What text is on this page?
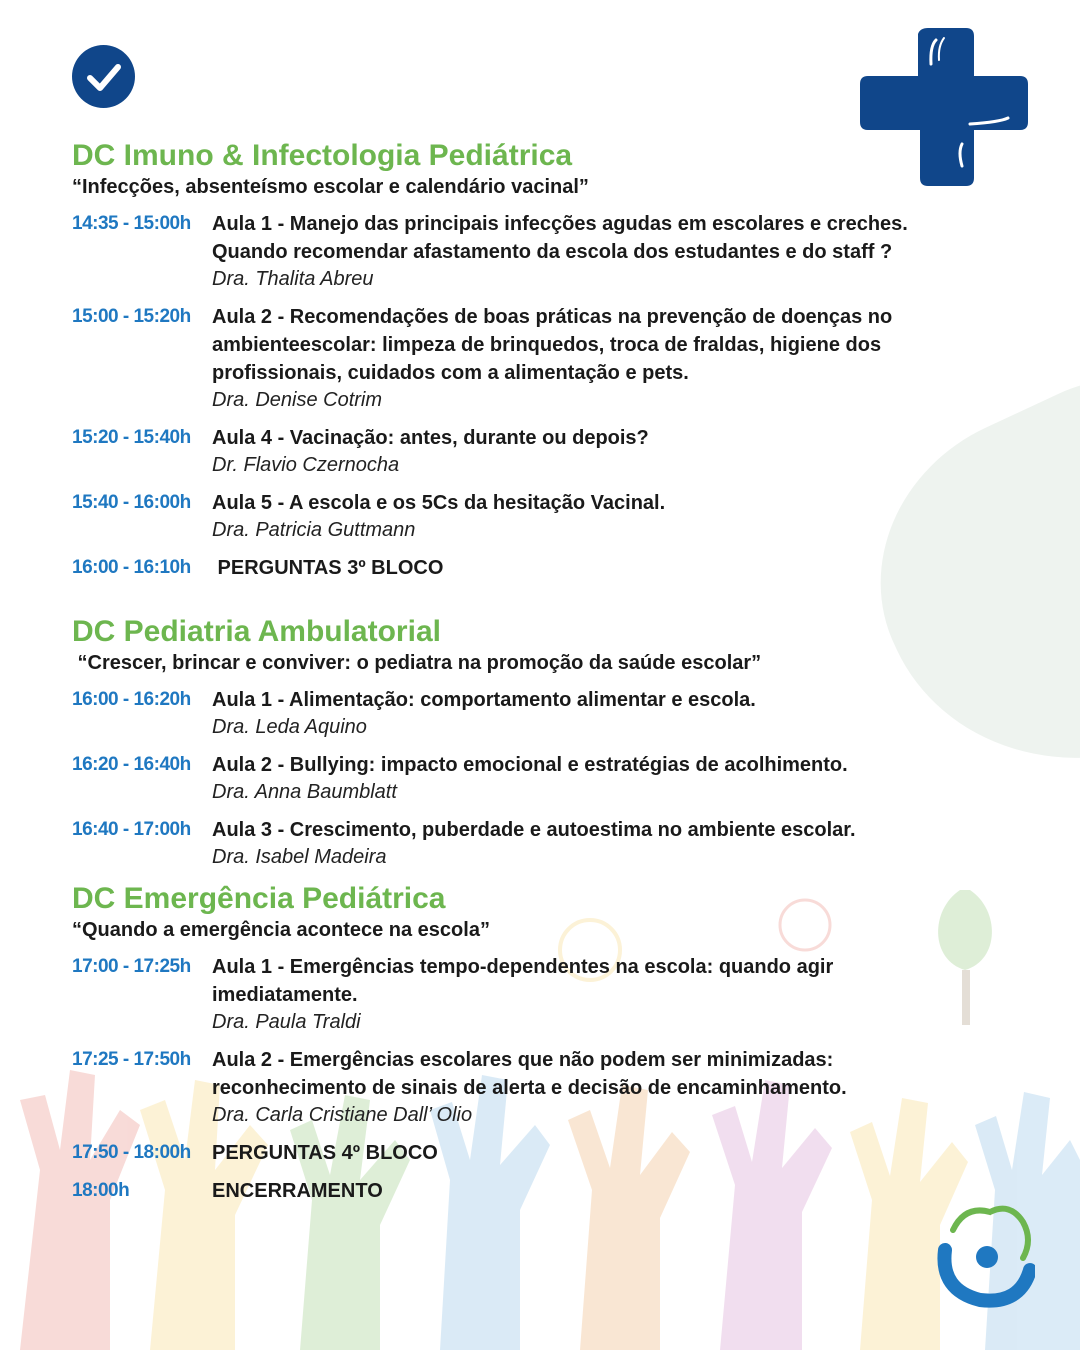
DC Imuno & Infectologia Pediátrica

“Infecções, absenteísmo escolar e calendário vacinal”

14:35 - 15:00h	Aula 1 - Manejo das principais infecções agudas em escolares e creches. Quando recomendar afastamento da escola dos estudantes e do staff ?
Dra. Thalita Abreu
15:00 - 15:20h	Aula 2 - Recomendações de boas práticas na prevenção de doenças no ambienteescolar: limpeza de brinquedos, troca de fraldas, higiene dos profissionais, cuidados com a alimentação e pets.
Dra. Denise Cotrim
15:20 - 15:40h	Aula 4 - Vacinação: antes, durante ou depois?
Dr. Flavio Czernocha
15:40 - 16:00h	Aula 5 - A escola e os 5Cs da hesitação Vacinal.
Dra. Patricia Guttmann
16:00 - 16:10h	PERGUNTAS 3º BLOCO
DC Pediatria Ambulatorial

“Crescer, brincar e conviver: o pediatra na promoção da saúde escolar”

16:00 - 16:20h	Aula 1 - Alimentação: comportamento alimentar e escola.
Dra. Leda Aquino
16:20 - 16:40h	Aula 2 - Bullying: impacto emocional e estratégias de acolhimento.
Dra. Anna Baumblatt
16:40 - 17:00h	Aula 3 - Crescimento, puberdade e autoestima no ambiente escolar.
Dra. Isabel Madeira
DC Emergência Pediátrica

“Quando a emergência acontece na escola”

17:00 - 17:25h	Aula 1 - Emergências tempo-dependentes na escola: quando agir imediatamente.
Dra. Paula Traldi
17:25 - 17:50h	Aula 2 - Emergências escolares que não podem ser minimizadas: reconhecimento de sinais de alerta e decisão de encaminhamento.
Dra. Carla Cristiane Dall’ Olio
17:50 - 18:00h	PERGUNTAS 4º BLOCO
18:00h	ENCERRAMENTO
